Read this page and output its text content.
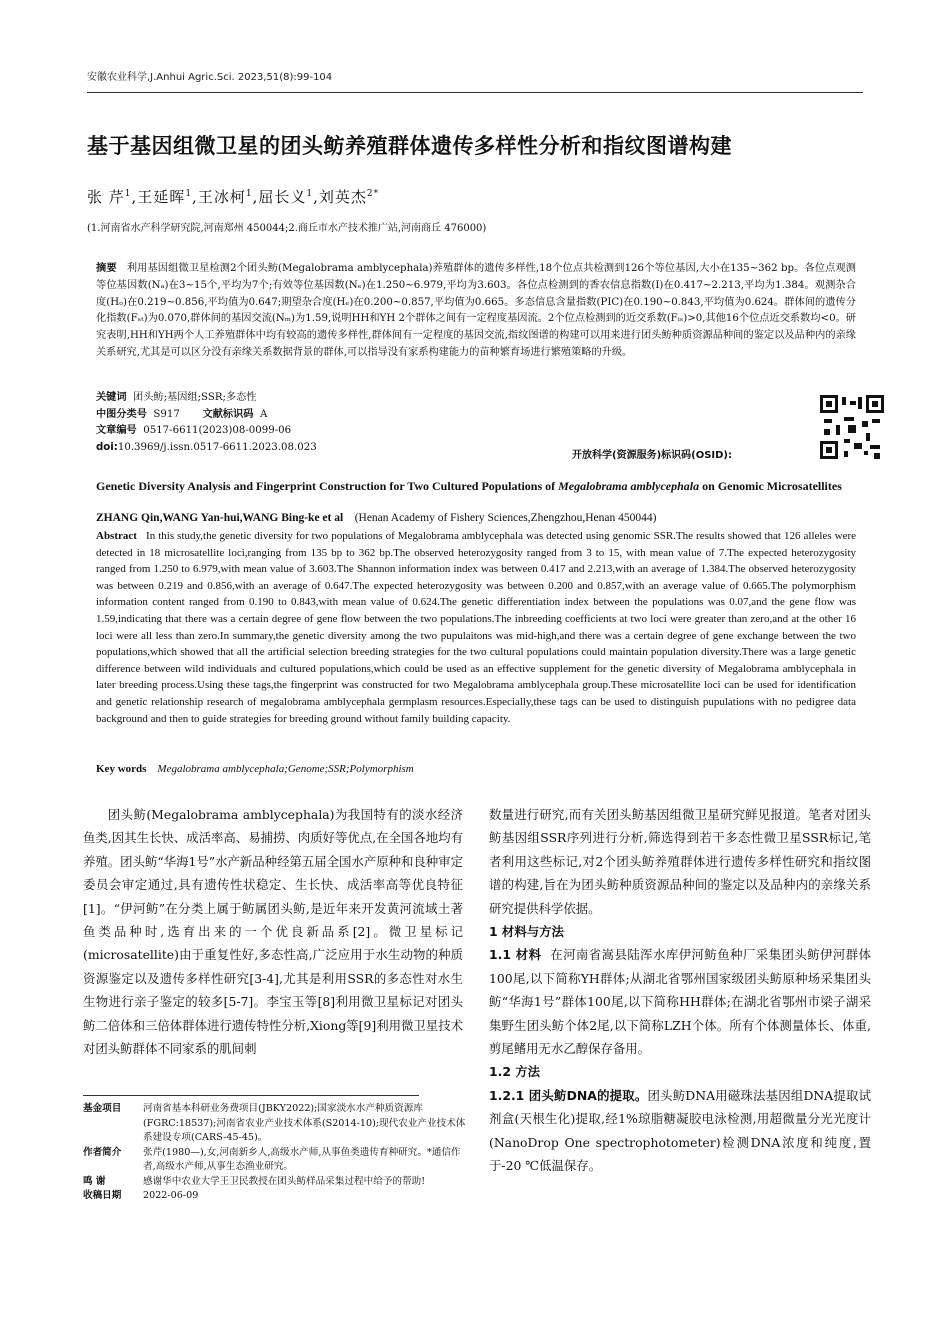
安徽农业科学,J.Anhui Agric.Sci. 2023,51(8):99-104
基于基因组微卫星的团头鲂养殖群体遗传多样性分析和指纹图谱构建
张 芹$^1$,王延晖$^1$,王冰柯$^1$,屈长义$^1$,刘英杰$^{2*}$
(1.河南省水产科学研究院,河南郑州 450044;2.商丘市水产技术推广站,河南商丘 476000)
摘要 利用基因组微卫星检测2个团头鲂(Megalobrama amblycephala)养殖群体的遗传多样性,18个位点共检测到126个等位基因,大小在135~362 bp。各位点观测等位基因数(Nₐ)在3~15个,平均为7个;有效等位基因数(Nₑ)在1.250~6.979,平均为3.603。各位点检测到的香农信息指数(I)在0.417~2.213,平均为1.384。观测杂合度(Hₒ)在0.219~0.856,平均值为0.647;期望杂合度(Hₑ)在0.200~0.857,平均值为0.665。多态信息含量指数(PIC)在0.190~0.843,平均值为0.624。群体间的遗传分化指数(Fₛₜ)为0.070,群体间的基因交流(Nₘ)为1.59,说明HH和YH 2个群体之间有一定程度基因流。2个位点检测到的近交系数(Fᵢₛ)>0,其他16个位点近交系数均<0。研究表明,HH和YH两个人工养殖群体中均有较高的遗传多样性,群体间有一定程度的基因交流,指纹图谱的构建可以用来进行团头鲂种质资源品种间的鉴定以及品种内的亲缘关系研究,尤其是可以区分没有亲缘关系数据背景的群体,可以指导没有家系构建能力的苗种繁育场进行繁殖策略的升级。
关键词 团头鲂;基因组;SSR;多态性
中图分类号 S917 文献标识码 A
文章编号 0517-6611(2023)08-0099-06
doi:10.3969/j.issn.0517-6611.2023.08.023
开放科学(资源服务)标识码(OSID):
Genetic Diversity Analysis and Fingerprint Construction for Two Cultured Populations of Megalobrama amblycephala on Genomic Microsatellites
ZHANG Qin,WANG Yan-hui,WANG Bing-ke et al (Henan Academy of Fishery Sciences,Zhengzhou,Henan 450044)
Abstract In this study,the genetic diversity for two populations of Megalobrama amblycephala was detected using genomic SSR.The results showed that 126 alleles were detected in 18 microsatellite loci,ranging from 135 bp to 362 bp.The observed heterozygosity ranged from 3 to 15, with mean value of 7.The expected heterozygosity ranged from 1.250 to 6.979,with mean value of 3.603.The Shannon information index was between 0.417 and 2.213,with an average of 1.384.The observed heterozygosity was between 0.219 and 0.856,with an average of 0.647.The expected heterozygosity was between 0.200 and 0.857,with an average value of 0.665.The polymorphism information content ranged from 0.190 to 0.843,with mean value of 0.624.The genetic differentiation index between the populations was 0.07,and the gene flow was 1.59,indicating that there was a certain degree of gene flow between the two populations.The inbreeding coefficients at two loci were greater than zero,and at the other 16 loci were all less than zero.In summary,the genetic diversity among the two pupulaitons was mid-high,and there was a certain degree of gene exchange between the two populations,which showed that all the artificial selection breeding strategies for the two cultural populations could maintain population diversity.There was a large genetic difference between wild individuals and cultured populations,which could be used as an effective supplement for the genetic diversity of Megalobrama amblycephala in later breeding process.Using these tags,the fingerprint was constructed for two Megalobrama amblycephala group.These microsatellite loci can be used for identification and genetic relationship research of megalobrama amblycephala germplasm resources.Especially,these tags can be used to distinguish pupulations with no pedigree data background and then to guide strategies for breeding ground without family building capacity.
Key words Megalobrama amblycephala;Genome;SSR;Polymorphism

团头鲂(Megalobrama amblycephala)为我国特有的淡水经济鱼类,因其生长快、成活率高、易捕捞、肉质好等优点,在全国各地均有养殖。团头鲂“华海1号”水产新品种经第五届全国水产原种和良种审定委员会审定通过,具有遗传性状稳定、生长快、成活率高等优良特征[1]。“伊河鲂”在分类上属于鲂属团头鲂,是近年来开发黄河流域土著鱼类品种时,选育出来的一个优良新品系[2]。微卫星标记(microsatellite)由于重复性好,多态性高,广泛应用于水生动物的种质资源鉴定以及遗传多样性研究[3-4],尤其是利用SSR的多态性对水生生物进行亲子鉴定的较多[5-7]。李宝玉等[8]利用微卫星标记对团头鲂二倍体和三倍体群体进行遗传特性分析,Xiong等[9]利用微卫星技术对团头鲂群体不同家系的肌间刺

数量进行研究,而有关团头鲂基因组微卫星研究鲜见报道。笔者对团头鲂基因组SSR序列进行分析,筛选得到若干多态性微卫星SSR标记,笔者利用这些标记,对2个团头鲂养殖群体进行遗传多样性研究和指纹图谱的构建,旨在为团头鲂种质资源品种间的鉴定以及品种内的亲缘关系研究提供科学依据。

1 材料与方法

1.1 材料 在河南省嵩县陆浑水库伊河鲂鱼种厂采集团头鲂伊河群体100尾,以下简称YH群体;从湖北省鄂州国家级团头鲂原种场采集团头鲂“华海1号”群体100尾,以下简称HH群体;在湖北省鄂州市梁子湖采集野生团头鲂个体2尾,以下简称LZH个体。所有个体测量体长、体重,剪尾鳍用无水乙醇保存备用。

1.2 方法

1.2.1 团头鲂DNA的提取。团头鲂DNA用磁珠法基因组DNA提取试剂盒(天根生化)提取,经1%琼脂糖凝胶电泳检测,用超微量分光光度计(NanoDrop One spectrophotometer)检测DNA浓度和纯度,置于-20 ℃低温保存。

基金项目	河南省基本科研业务费项目(JBKY2022);国家淡水水产种质资源库(FGRC:18537);河南省农业产业技术体系(S2014-10);现代农业产业技术体系建设专项(CARS-45-45)。
作者简介	张芹(1980—),女,河南新乡人,高级水产师,从事鱼类遗传育种研究。*通信作者,高级水产师,从事生态渔业研究。
鸣 谢	感谢华中农业大学王卫民教授在团头鲂样品采集过程中给予的帮助!
收稿日期	2022-06-09
